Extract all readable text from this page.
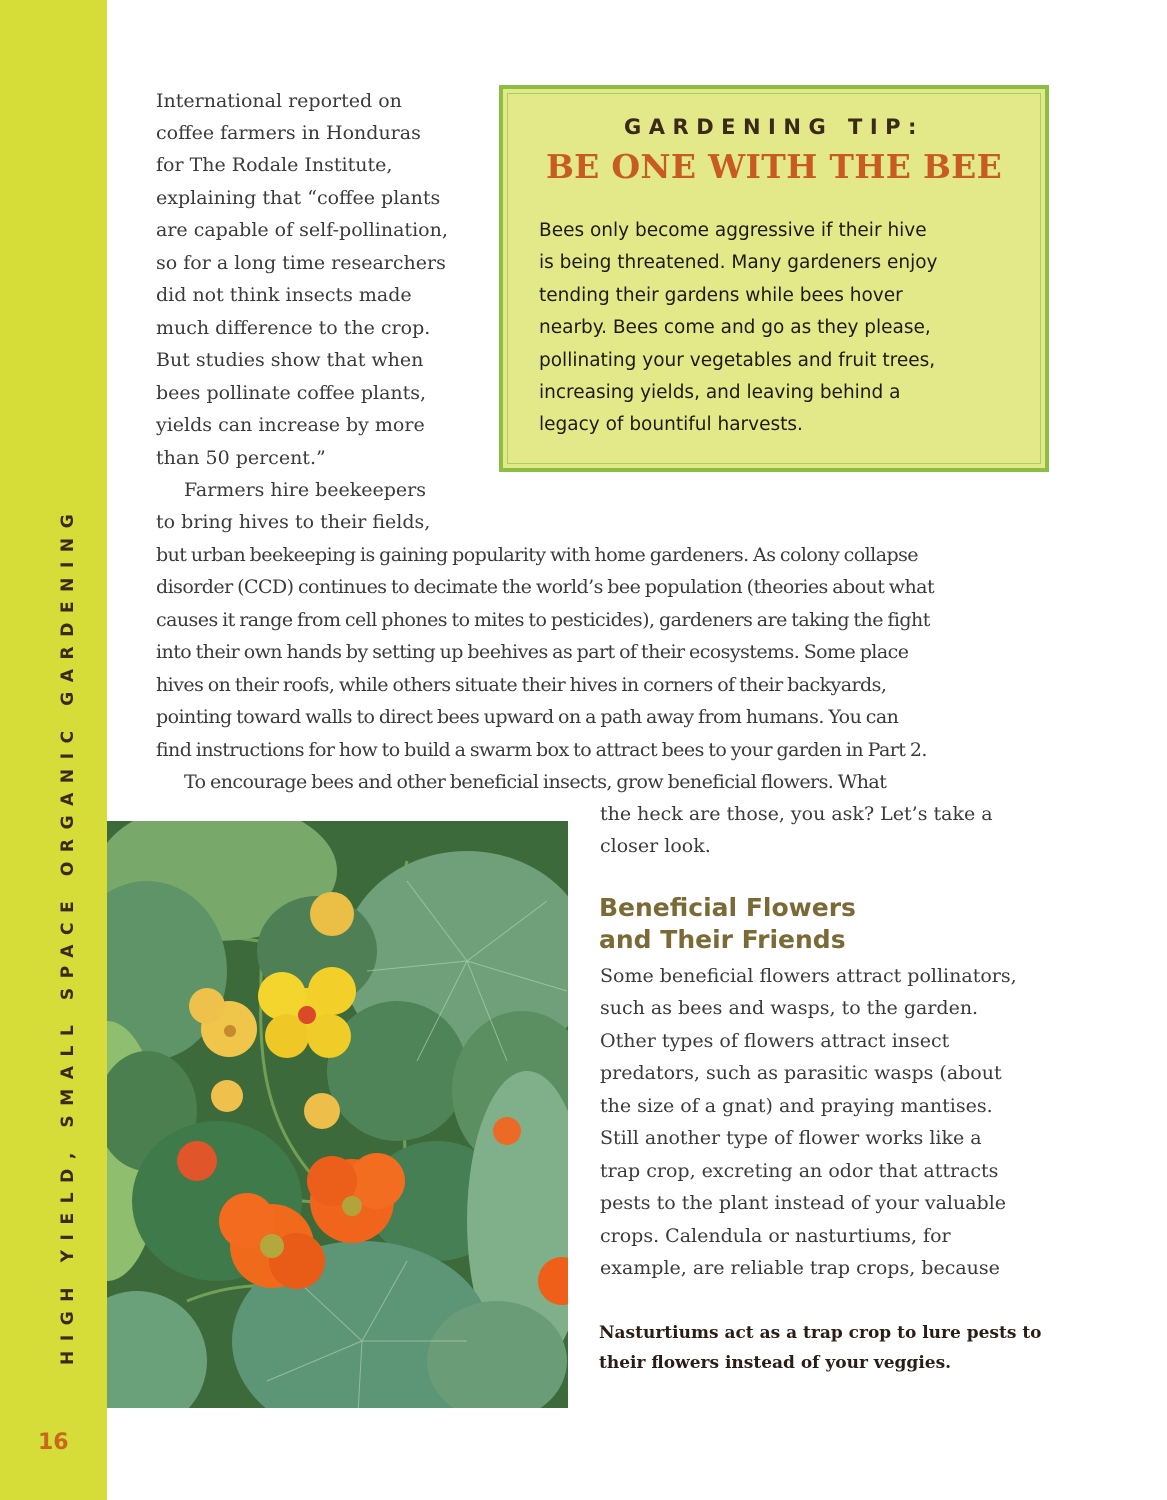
HIGH YIELD, SMALL SPACE ORGANIC GARDENING
16
International reported on
coffee farmers in Honduras
for The Rodale Institute,
explaining that “coffee plants
are capable of self-pollination,
so for a long time researchers
did not think insects made
much difference to the crop.
But studies show that when
bees pollinate coffee plants,
yields can increase by more
than 50 percent.”
Farmers hire beekeepers
to bring hives to their fields,
GARDENING TIP:
BE ONE WITH THE BEE
Bees only become aggressive if their hive
is being threatened. Many gardeners enjoy
tending their gardens while bees hover
nearby. Bees come and go as they please,
pollinating your vegetables and fruit trees,
increasing yields, and leaving behind a
legacy of bountiful harvests.
but urban beekeeping is gaining popularity with home gardeners. As colony collapse
disorder (CCD) continues to decimate the world’s bee population (theories about what
causes it range from cell phones to mites to pesticides), gardeners are taking the fight
into their own hands by setting up beehives as part of their ecosystems. Some place
hives on their roofs, while others situate their hives in corners of their backyards,
pointing toward walls to direct bees upward on a path away from humans. You can
find instructions for how to build a swarm box to attract bees to your garden in Part 2.
To encourage bees and other beneficial insects, grow beneficial flowers. What
the heck are those, you ask? Let’s take a
closer look.
Beneficial Flowers
and Their Friends
Some beneficial flowers attract pollinators,
such as bees and wasps, to the garden.
Other types of flowers attract insect
predators, such as parasitic wasps (about
the size of a gnat) and praying mantises.
Still another type of flower works like a
trap crop, excreting an odor that attracts
pests to the plant instead of your valuable
crops. Calendula or nasturtiums, for
example, are reliable trap crops, because
Nasturtiums act as a trap crop to lure pests to
their flowers instead of your veggies.
